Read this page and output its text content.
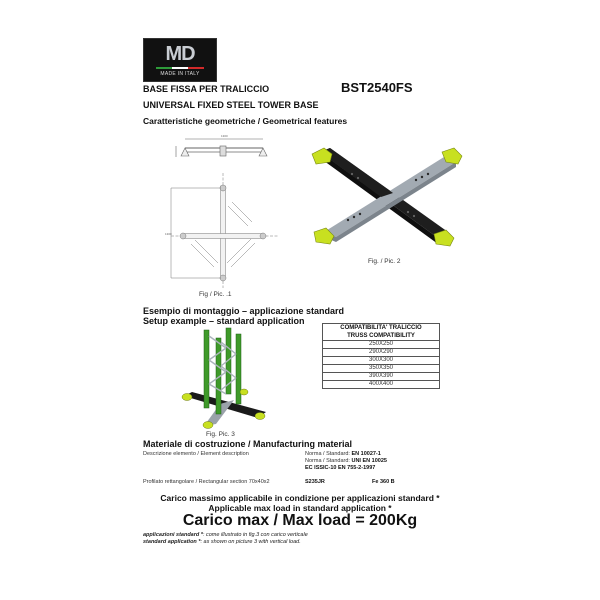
MD
MADE IN ITALY
BASE FISSA PER TRALICCIO	BST2540FS
UNIVERSAL FIXED STEEL TOWER BASE
Caratteristiche geometriche / Geometrical features
1300
1300
Fig / Pic. .1
Fig. / Pic. 2
Esempio di montaggio – applicazione standard
Setup example – standard application
Fig. Pic. 3
COMPATIBILITA' TRALICCIO
TRUSS COMPATIBILITY
250X250
290X290
300X300
350X350
390X390
400X400
Materiale di costruzione / Manufacturing material
Descrizione elemento / Element description	Norma / Standard: EN 10027-1
Norma / Standard: UNI EN 10025
EC ISSIC-10 EN 755-2-1997
Profilato rettangolare / Rectangular section 70x40x2	S235JR	Fe 360 B
Carico massimo applicabile in condizione per applicazioni standard *
Applicable max load in standard application *
Carico max / Max load = 200Kg
applicazioni standard *: come illustrato in fig.3 con carico verticale
standard application *: as shown on picture 3 with vertical load.
